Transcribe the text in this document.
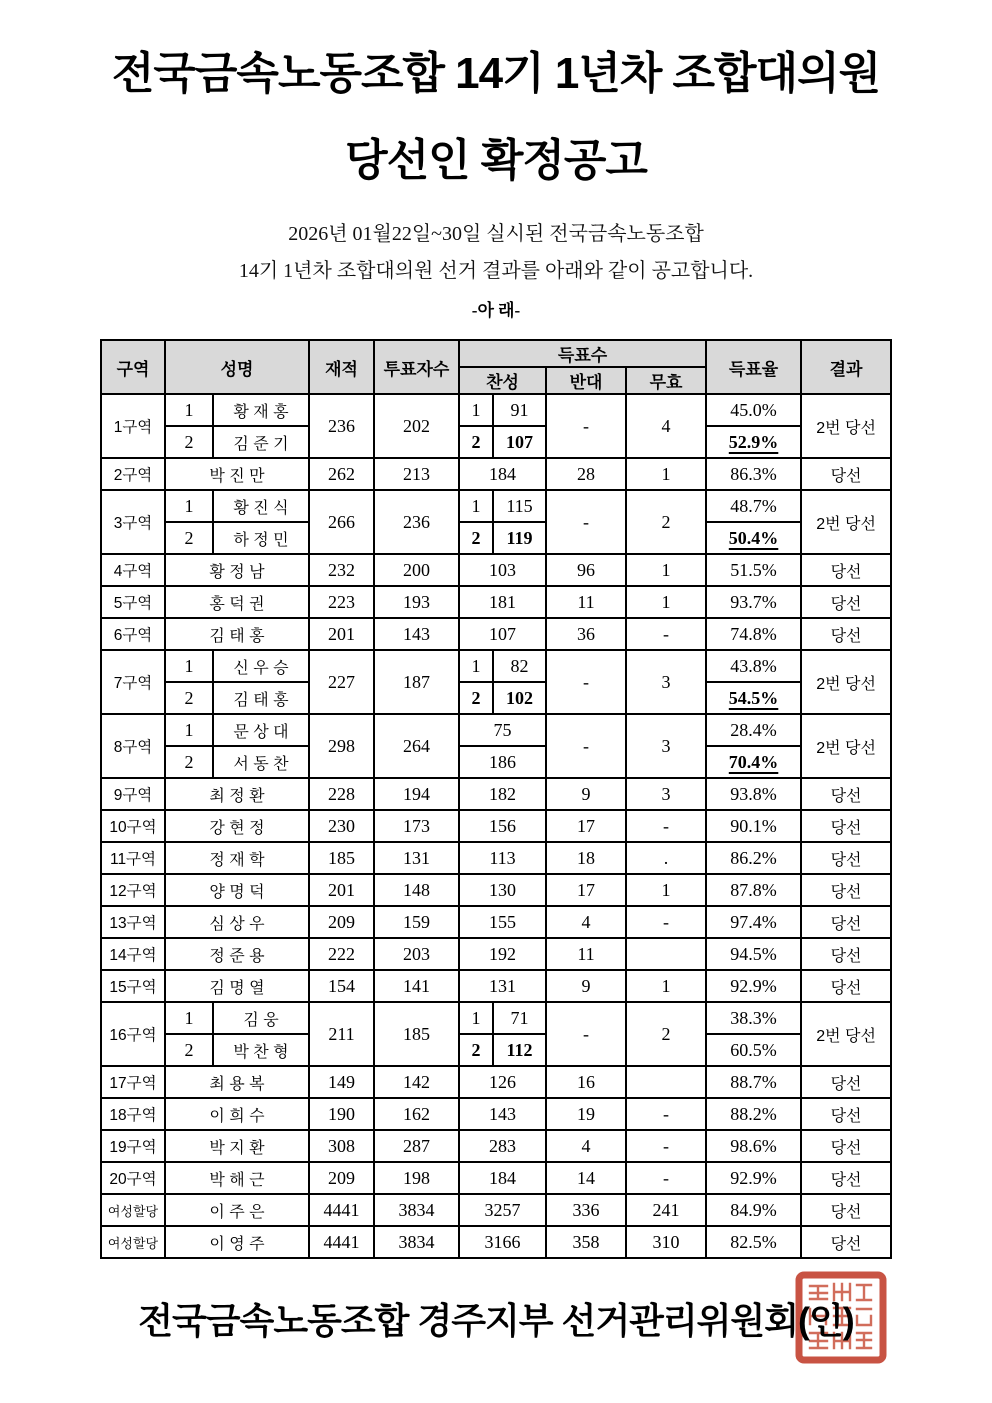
전국금속노동조합 14기 1년차 조합대의원
당선인 확정공고
2026년 01월22일~30일 실시된 전국금속노동조합
14기 1년차 조합대의원 선거 결과를 아래와 같이 공고합니다.
-아 래-
구역	성명		재적	투표자수	득표수				득표율	결과
					찬성		반대	무효		
1구역	1	황 재 홍	236	202	1	91	-	4	45.0%	2번 당선
	2	김 준 기			2	107			52.9%	
2구역	박 진 만		262	213	184		28	1	86.3%	당선
3구역	1	황 진 식	266	236	1	115	-	2	48.7%	2번 당선
	2	하 정 민			2	119			50.4%	
4구역	황 정 남		232	200	103		96	1	51.5%	당선
5구역	홍 덕 권		223	193	181		11	1	93.7%	당선
6구역	김 태 홍		201	143	107		36	-	74.8%	당선
7구역	1	신 우 승	227	187	1	82	-	3	43.8%	2번 당선
	2	김 태 홍			2	102			54.5%	
8구역	1	문 상 대	298	264	75		-	3	28.4%	2번 당선
	2	서 동 찬			186				70.4%	
9구역	최 정 환		228	194	182		9	3	93.8%	당선
10구역	강 현 정		230	173	156		17	-	90.1%	당선
11구역	정 재 학		185	131	113		18	.	86.2%	당선
12구역	양 명 덕		201	148	130		17	1	87.8%	당선
13구역	심 상 우		209	159	155		4	-	97.4%	당선
14구역	정 준 용		222	203	192		11		94.5%	당선
15구역	김 명 열		154	141	131		9	1	92.9%	당선
16구역	1	김 웅	211	185	1	71	-	2	38.3%	2번 당선
	2	박 찬 형			2	112			60.5%	
17구역	최 용 복		149	142	126		16		88.7%	당선
18구역	이 희 수		190	162	143		19	-	88.2%	당선
19구역	박 지 환		308	287	283		4	-	98.6%	당선
20구역	박 해 근		209	198	184		14	-	92.9%	당선
여성할당	이 주 은		4441	3834	3257		336	241	84.9%	당선
여성할당	이 영 주		4441	3834	3166		358	310	82.5%	당선
전국금속노동조합 경주지부 선거관리위원회(인)
